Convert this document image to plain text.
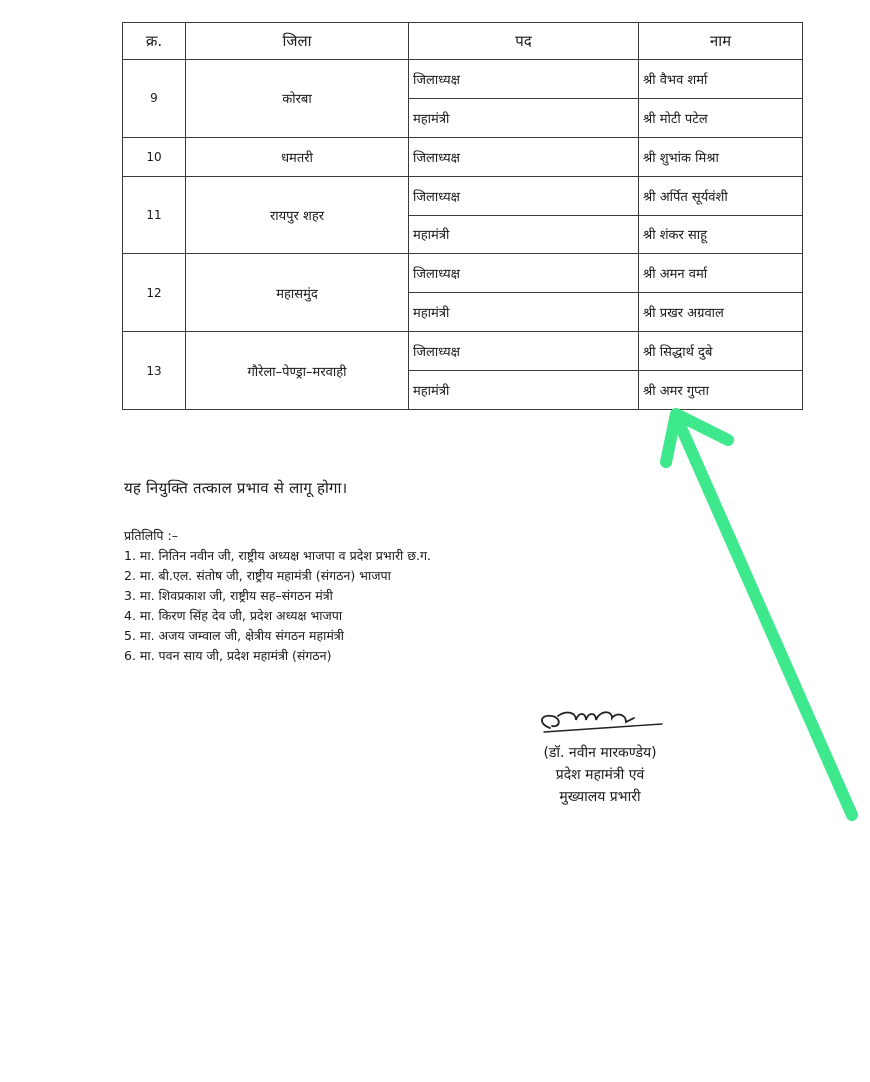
क्र.	जिला	पद	नाम
9	कोरबा	जिलाध्यक्ष	श्री वैभव शर्मा
		महामंत्री	श्री मोटी पटेल
10	धमतरी	जिलाध्यक्ष	श्री शुभांक मिश्रा
11	रायपुर शहर	जिलाध्यक्ष	श्री अर्पित सूर्यवंशी
		महामंत्री	श्री शंकर साहू
12	महासमुंद	जिलाध्यक्ष	श्री अमन वर्मा
		महामंत्री	श्री प्रखर अग्रवाल
13	गौरेला–पेण्ड्रा–मरवाही	जिलाध्यक्ष	श्री सिद्धार्थ दुबे
		महामंत्री	श्री अमर गुप्ता
यह नियुक्ति तत्काल प्रभाव से लागू होगा।
प्रतिलिपि :–
1. मा. नितिन नवीन जी, राष्ट्रीय अध्यक्ष भाजपा व प्रदेश प्रभारी छ.ग.
2. मा. बी.एल. संतोष जी, राष्ट्रीय महामंत्री (संगठन) भाजपा
3. मा. शिवप्रकाश जी, राष्ट्रीय सह–संगठन मंत्री
4. मा. किरण सिंह देव जी, प्रदेश अध्यक्ष भाजपा
5. मा. अजय जम्वाल जी, क्षेत्रीय संगठन महामंत्री
6. मा. पवन साय जी, प्रदेश महामंत्री (संगठन)
(डॉ. नवीन मारकण्डेय)
प्रदेश महामंत्री एवं
मुख्यालय प्रभारी
